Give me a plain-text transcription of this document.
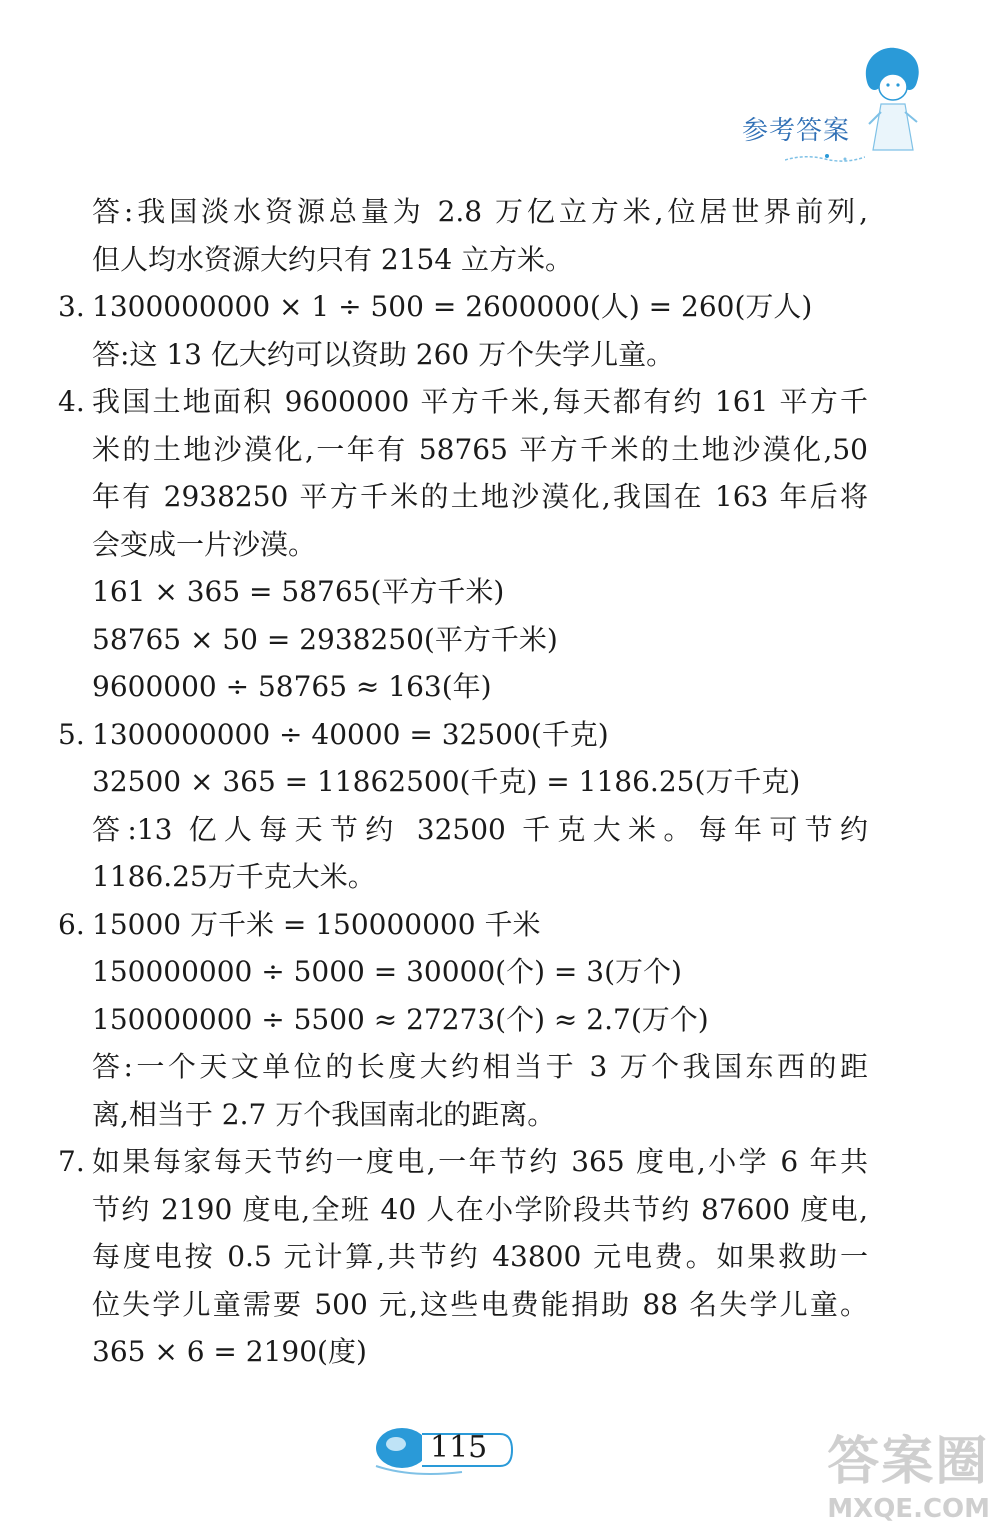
参考答案
答:我国淡水资源总量为 2.8 万亿立方米,位居世界前列,
但人均水资源大约只有 2154 立方米。
3. 1300000000 × 1 ÷ 500 = 2600000(人) = 260(万人)
答:这 13 亿大约可以资助 260 万个失学儿童。
4. 我国土地面积 9600000 平方千米,每天都有约 161 平方千
米的土地沙漠化,一年有 58765 平方千米的土地沙漠化,50
年有 2938250 平方千米的土地沙漠化,我国在 163 年后将
会变成一片沙漠。
161 × 365 = 58765(平方千米)
58765 × 50 = 2938250(平方千米)
9600000 ÷ 58765 ≈ 163(年)
5. 1300000000 ÷ 40000 = 32500(千克)
32500 × 365 = 11862500(千克) = 1186.25(万千克)
答:13 亿人每天节约 32500 千克大米。每年可节约
1186.25万千克大米。
6. 15000 万千米 = 150000000 千米
150000000 ÷ 5000 = 30000(个) = 3(万个)
150000000 ÷ 5500 ≈ 27273(个) ≈ 2.7(万个)
答:一个天文单位的长度大约相当于 3 万个我国东西的距
离,相当于 2.7 万个我国南北的距离。
7. 如果每家每天节约一度电,一年节约 365 度电,小学 6 年共
节约 2190 度电,全班 40 人在小学阶段共节约 87600 度电,
每度电按 0.5 元计算,共节约 43800 元电费。如果救助一
位失学儿童需要 500 元,这些电费能捐助 88 名失学儿童。
365 × 6 = 2190(度)
115	答案圈
MXQE.COM
